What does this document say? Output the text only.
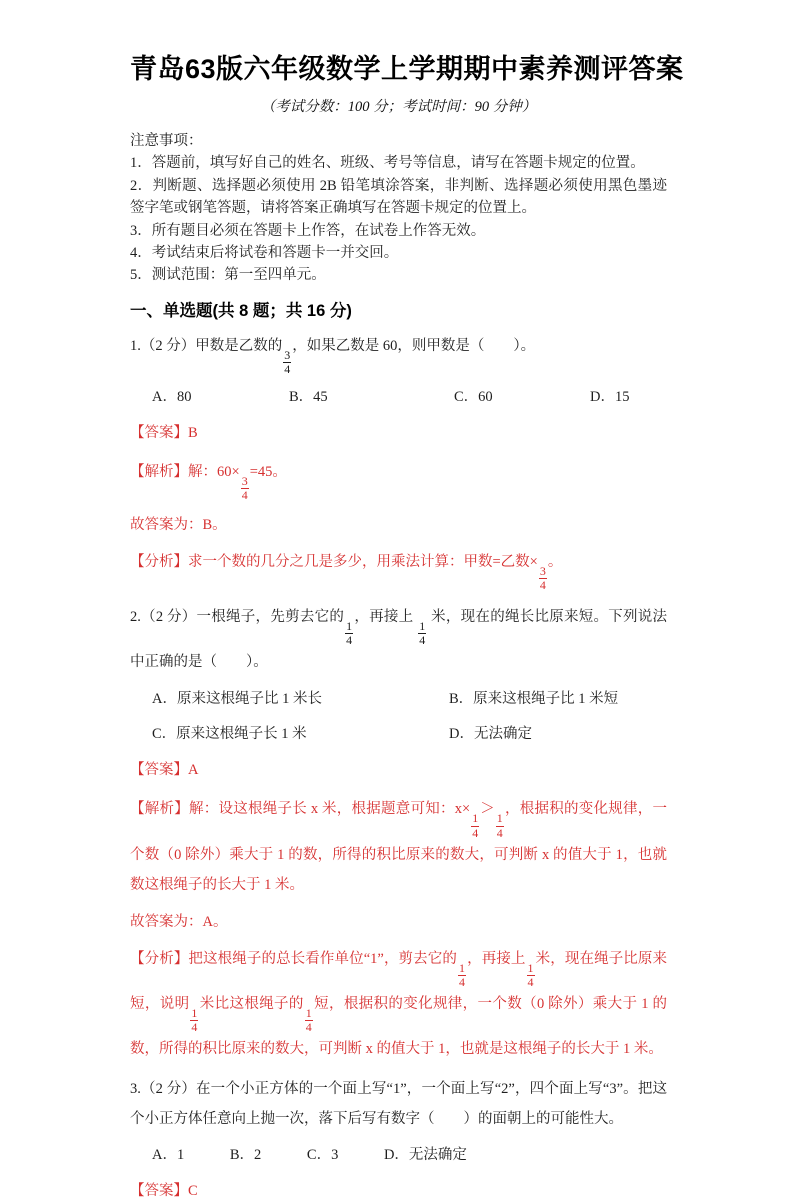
青岛63版六年级数学上学期期中素养测评答案
（考试分数：100 分；考试时间：90 分钟）

注意事项：

1．答题前，填写好自己的姓名、班级、考号等信息，请写在答题卡规定的位置。

2．判断题、选择题必须使用 2B 铅笔填涂答案，非判断、选择题必须使用黑色墨迹签字笔或钢笔答题，请将答案正确填写在答题卡规定的位置上。

3．所有题目必须在答题卡上作答，在试卷上作答无效。

4．考试结束后将试卷和答题卡一并交回。

5．测试范围：第一至四单元。

一、单选题(共 8 题；共 16 分)

1.（2 分）甲数是乙数的
$\frac{3}{4}$
，如果乙数是 60，则甲数是（　　）。

A．80	B．45	C．60	D．15

【答案】B

【解析】解：60×
$\frac{3}{4}$
=45。

故答案为：B。

【分析】求一个数的几分之几是多少，用乘法计算：甲数=乙数×
$\frac{3}{4}$
。

2.（2 分）一根绳子，先剪去它的
$\frac{1}{4}$
，再接上
$\frac{1}{4}$
米，现在的绳长比原来短。下列说法中正确的是（　　）。

A．原来这根绳子比 1 米长	B．原来这根绳子比 1 米短
C．原来这根绳子长 1 米	D．无法确定

【答案】A

【解析】解：设这根绳子长 x 米，根据题意可知：x×
$\frac{1}{4}$
＞
$\frac{1}{4}$
，根据积的变化规律，一个数（0 除外）乘大于 1 的数，所得的积比原来的数大，可判断 x 的值大于 1，也就数这根绳子的长大于 1 米。

故答案为：A。

【分析】把这根绳子的总长看作单位“1”，剪去它的
$\frac{1}{4}$
，再接上
$\frac{1}{4}$
米，现在绳子比原来短，说明
$\frac{1}{4}$
米比这根绳子的
$\frac{1}{4}$
短，根据积的变化规律，一个数（0 除外）乘大于 1 的数，所得的积比原来的数大，可判断 x 的值大于 1，也就是这根绳子的长大于 1 米。

3.（2 分）在一个小正方体的一个面上写“1”，一个面上写“2”，四个面上写“3”。把这个小正方体任意向上抛一次，落下后写有数字（　　）的面朝上的可能性大。

A．1	B．2	C．3	D．无法确定

【答案】C
